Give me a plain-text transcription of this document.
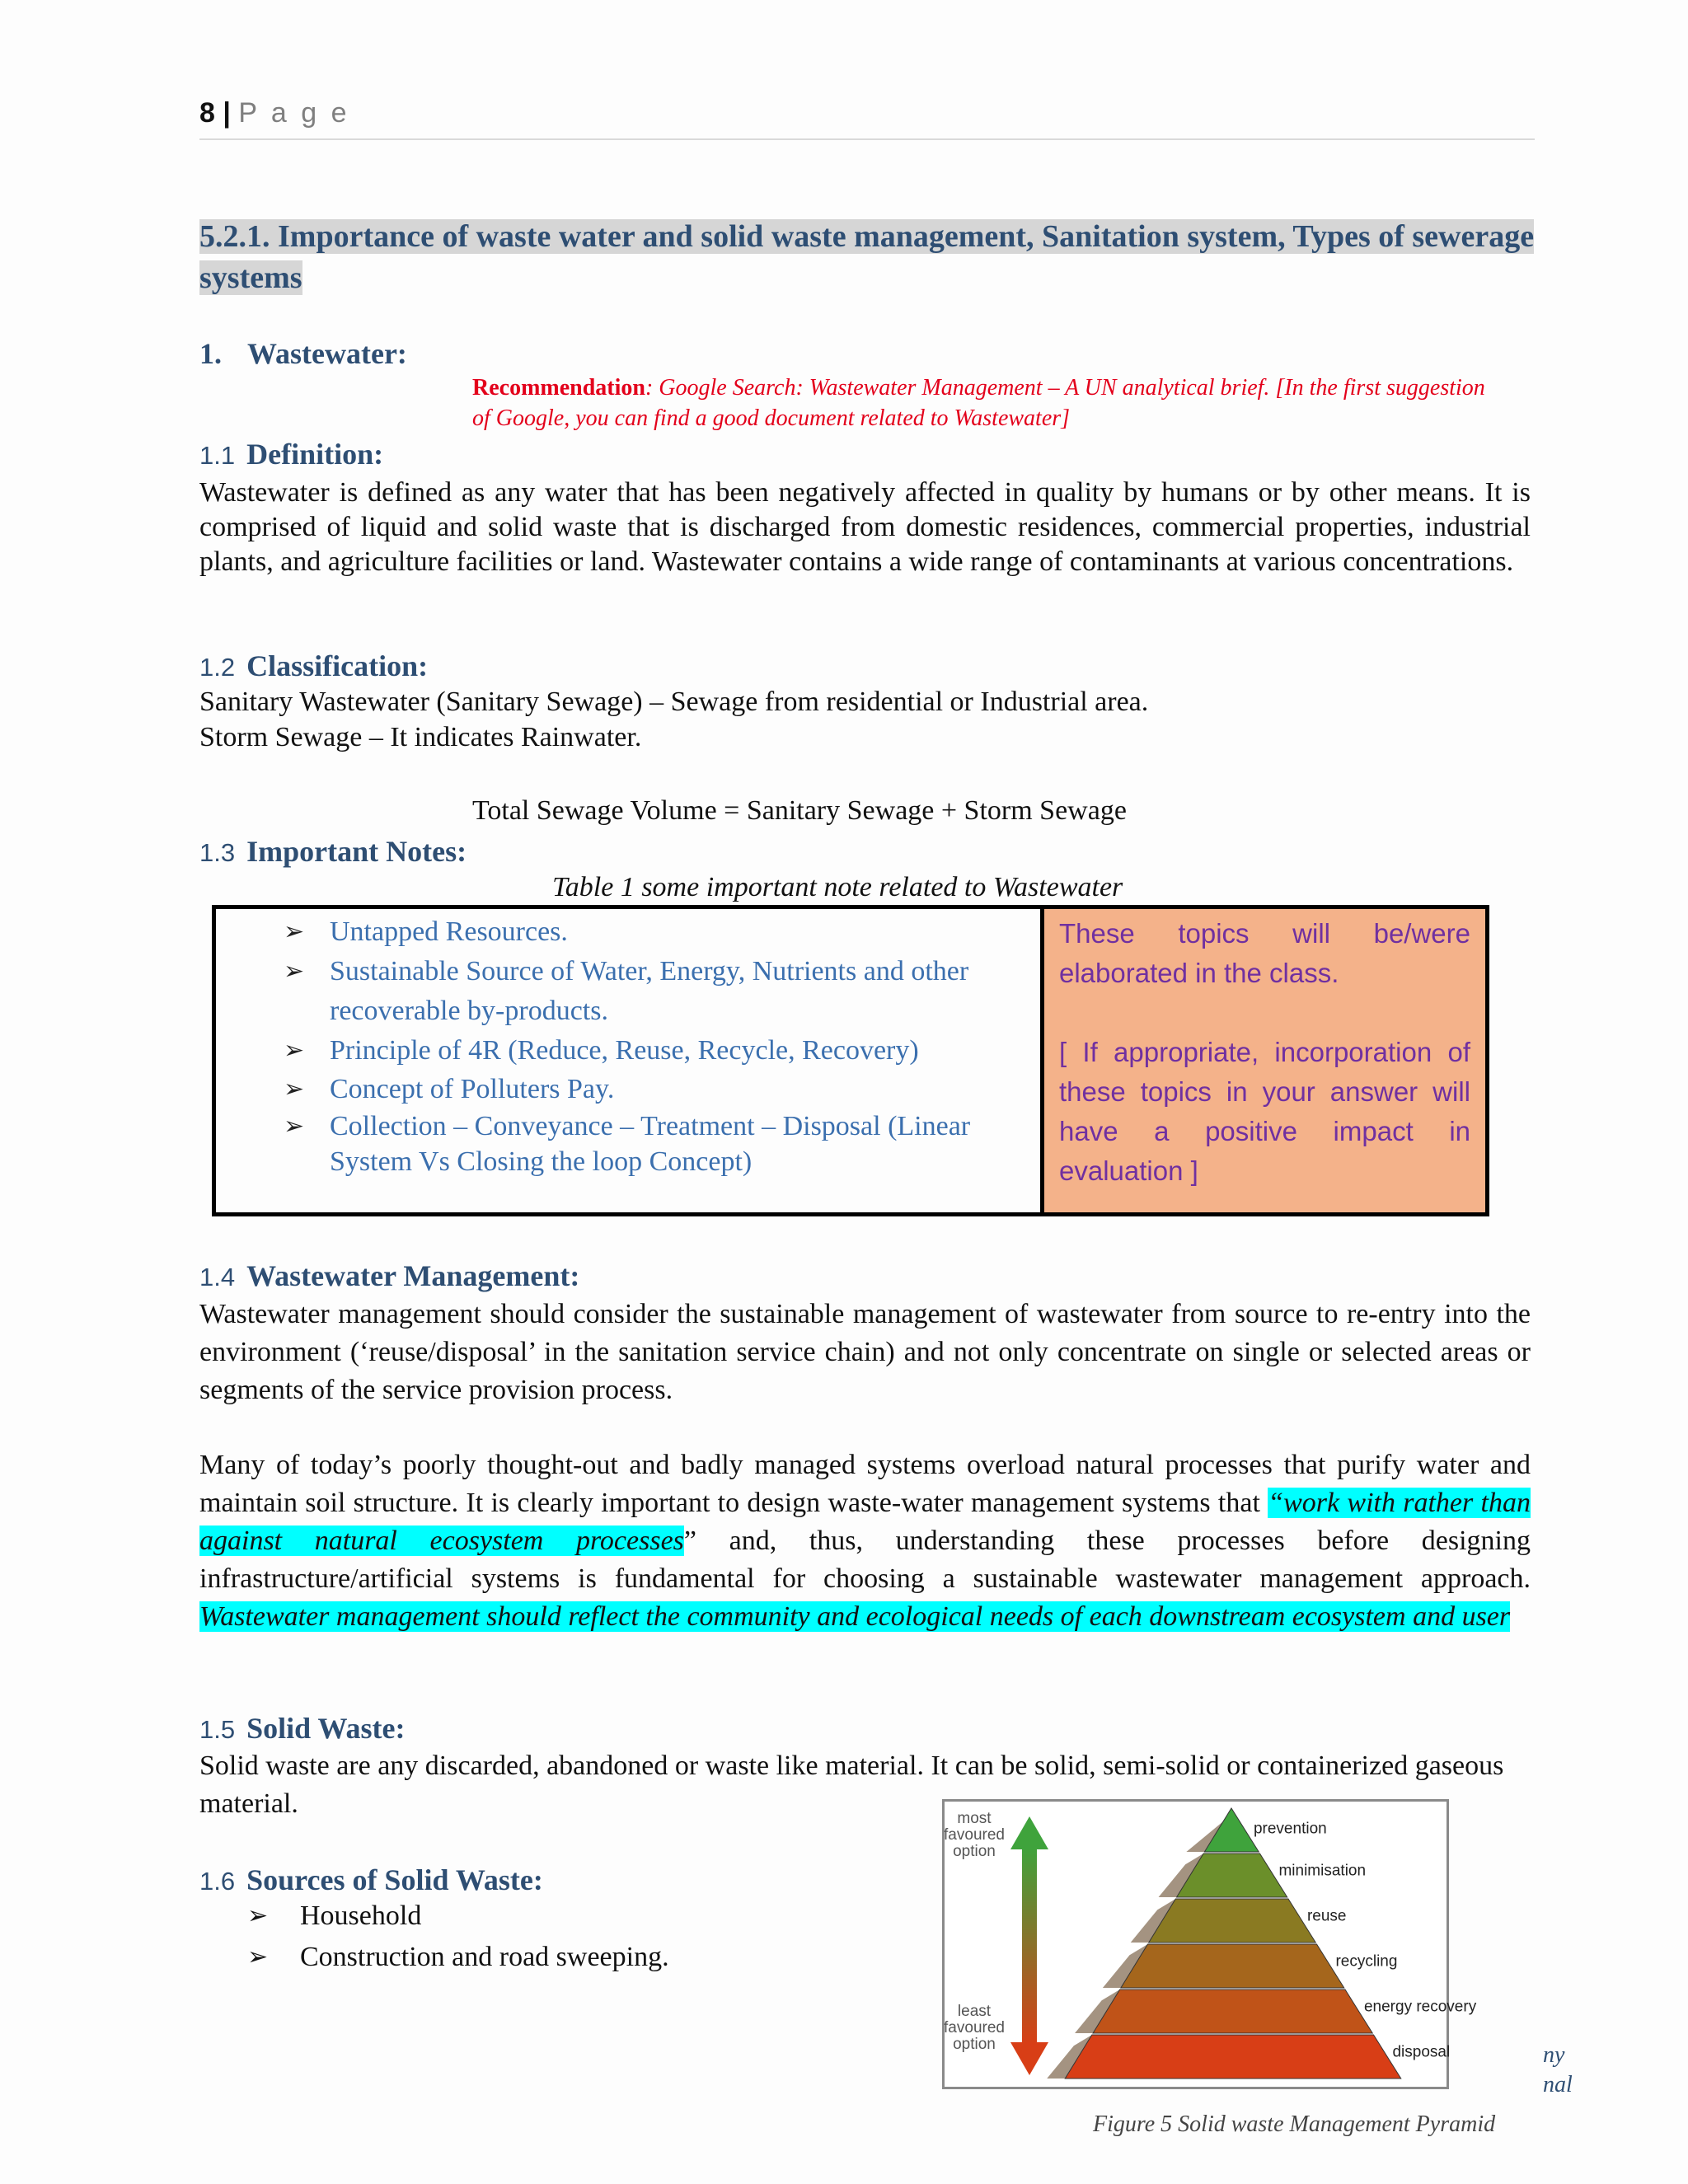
8 | P a g e
5.2.1. Importance of waste water and solid waste management, Sanitation system, Types of sewerage systems
1. Wastewater:
Recommendation: Google Search: Wastewater Management – A UN analytical brief. [In the first suggestion of Google, you can find a good document related to Wastewater]
1.1 Definition:
Wastewater is defined as any water that has been negatively affected in quality by humans or by other means. It is comprised of liquid and solid waste that is discharged from domestic residences, commercial properties, industrial plants, and agriculture facilities or land. Wastewater contains a wide range of contaminants at various concentrations.
1.2 Classification:
Sanitary Wastewater (Sanitary Sewage) – Sewage from residential or Industrial area.
Storm Sewage – It indicates Rainwater.
Total Sewage Volume = Sanitary Sewage + Storm Sewage
1.3 Important Notes:
Table 1 some important note related to Wastewater
➢ Untapped Resources.
➢ Sustainable Source of Water, Energy, Nutrients and other recoverable by-products.
➢ Principle of 4R (Reduce, Reuse, Recycle, Recovery)
➢ Concept of Polluters Pay.
➢ Collection – Conveyance – Treatment – Disposal (Linear System Vs Closing the loop Concept)

These topics will be/were elaborated in the class.

[ If appropriate, incorporation of these topics in your answer will have a positive impact in evaluation ]

1.4 Wastewater Management:
Wastewater management should consider the sustainable management of wastewater from source to re-entry into the environment (‘reuse/disposal’ in the sanitation service chain) and not only concentrate on single or selected areas or segments of the service provision process.
Many of today’s poorly thought-out and badly managed systems overload natural processes that purify water and maintain soil structure. It is clearly important to design waste-water management systems that “work with rather than against natural ecosystem processes” and, thus, understanding these processes before designing infrastructure/artificial systems is fundamental for choosing a sustainable wastewater management approach. Wastewater management should reflect the community and ecological needs of each downstream ecosystem and user
1.5 Solid Waste:
Solid waste are any discarded, abandoned or waste like material. It can be solid, semi-solid or containerized gaseous material.
1.6 Sources of Solid Waste:
➢ Household
➢ Construction and road sweeping.
ny
nal
most favoured option
least favoured option
prevention
minimisation
reuse
recycling
energy recovery
disposal
Figure 5 Solid waste Management Pyramid
